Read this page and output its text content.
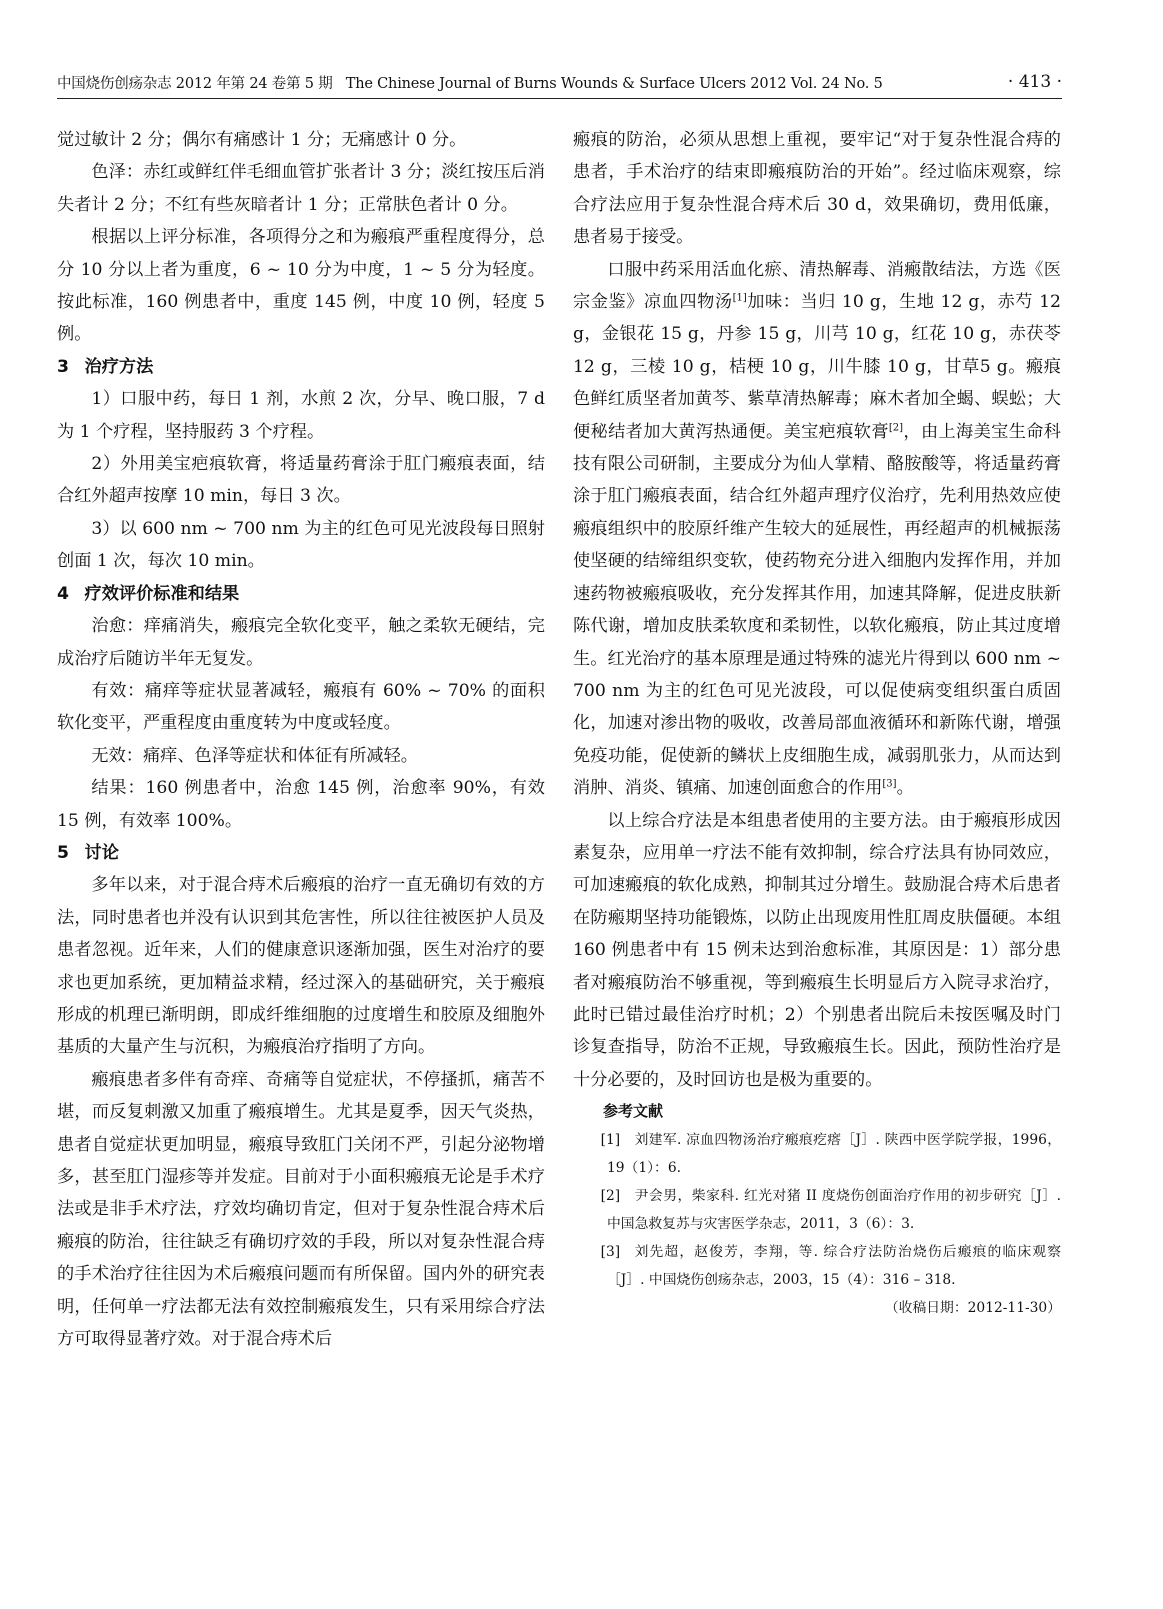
中国烧伤创疡杂志 2012 年第 24 卷第 5 期 The Chinese Journal of Burns Wounds & Surface Ulcers 2012 Vol. 24 No. 5	· 413 ·

觉过敏计 2 分；偶尔有痛感计 1 分；无痛感计 0 分。

色泽：赤红或鲜红伴毛细血管扩张者计 3 分；淡红按压后消失者计 2 分；不红有些灰暗者计 1 分；正常肤色者计 0 分。

根据以上评分标准，各项得分之和为瘢痕严重程度得分，总分 10 分以上者为重度，6 ~ 10 分为中度，1 ~ 5 分为轻度。按此标准，160 例患者中，重度 145 例，中度 10 例，轻度 5 例。

3 治疗方法

1）口服中药，每日 1 剂，水煎 2 次，分早、晚口服，7 d 为 1 个疗程，坚持服药 3 个疗程。

2）外用美宝疤痕软膏，将适量药膏涂于肛门瘢痕表面，结合红外超声按摩 10 min，每日 3 次。

3）以 600 nm ~ 700 nm 为主的红色可见光波段每日照射创面 1 次，每次 10 min。

4 疗效评价标准和结果

治愈：痒痛消失，瘢痕完全软化变平，触之柔软无硬结，完成治疗后随访半年无复发。

有效：痛痒等症状显著减轻，瘢痕有 60% ~ 70% 的面积软化变平，严重程度由重度转为中度或轻度。

无效：痛痒、色泽等症状和体征有所减轻。

结果：160 例患者中，治愈 145 例，治愈率 90%，有效 15 例，有效率 100%。

5 讨论

多年以来，对于混合痔术后瘢痕的治疗一直无确切有效的方法，同时患者也并没有认识到其危害性，所以往往被医护人员及患者忽视。近年来，人们的健康意识逐渐加强，医生对治疗的要求也更加系统，更加精益求精，经过深入的基础研究，关于瘢痕形成的机理已渐明朗，即成纤维细胞的过度增生和胶原及细胞外基质的大量产生与沉积，为瘢痕治疗指明了方向。

瘢痕患者多伴有奇痒、奇痛等自觉症状，不停搔抓，痛苦不堪，而反复刺激又加重了瘢痕增生。尤其是夏季，因天气炎热，患者自觉症状更加明显，瘢痕导致肛门关闭不严，引起分泌物增多，甚至肛门湿疹等并发症。目前对于小面积瘢痕无论是手术疗法或是非手术疗法，疗效均确切肯定，但对于复杂性混合痔术后瘢痕的防治，往往缺乏有确切疗效的手段，所以对复杂性混合痔的手术治疗往往因为术后瘢痕问题而有所保留。国内外的研究表明，任何单一疗法都无法有效控制瘢痕发生，只有采用综合疗法方可取得显著疗效。对于混合痔术后

瘢痕的防治，必须从思想上重视，要牢记“对于复杂性混合痔的患者，手术治疗的结束即瘢痕防治的开始”。经过临床观察，综合疗法应用于复杂性混合痔术后 30 d，效果确切，费用低廉，患者易于接受。

口服中药采用活血化瘀、清热解毒、消瘢散结法，方选《医宗金鉴》凉血四物汤[1]加味：当归 10 g，生地 12 g，赤芍 12 g，金银花 15 g，丹参 15 g，川芎 10 g，红花 10 g，赤茯苓 12 g，三棱 10 g，桔梗 10 g，川牛膝 10 g，甘草5 g。瘢痕色鲜红质坚者加黄芩、紫草清热解毒；麻木者加全蝎、蜈蚣；大便秘结者加大黄泻热通便。美宝疤痕软膏[2]，由上海美宝生命科技有限公司研制，主要成分为仙人掌精、酪胺酸等，将适量药膏涂于肛门瘢痕表面，结合红外超声理疗仪治疗，先利用热效应使瘢痕组织中的胶原纤维产生较大的延展性，再经超声的机械振荡使坚硬的结缔组织变软，使药物充分进入细胞内发挥作用，并加速药物被瘢痕吸收，充分发挥其作用，加速其降解，促进皮肤新陈代谢，增加皮肤柔软度和柔韧性，以软化瘢痕，防止其过度增生。红光治疗的基本原理是通过特殊的滤光片得到以 600 nm ~ 700 nm 为主的红色可见光波段，可以促使病变组织蛋白质固化，加速对渗出物的吸收，改善局部血液循环和新陈代谢，增强免疫功能，促使新的鳞状上皮细胞生成，减弱肌张力，从而达到消肿、消炎、镇痛、加速创面愈合的作用[3]。

以上综合疗法是本组患者使用的主要方法。由于瘢痕形成因素复杂，应用单一疗法不能有效抑制，综合疗法具有协同效应，可加速瘢痕的软化成熟，抑制其过分增生。鼓励混合痔术后患者在防瘢期坚持功能锻炼，以防止出现废用性肛周皮肤僵硬。本组 160 例患者中有 15 例未达到治愈标准，其原因是：1）部分患者对瘢痕防治不够重视，等到瘢痕生长明显后方入院寻求治疗，此时已错过最佳治疗时机；2）个别患者出院后未按医嘱及时门诊复查指导，防治不正规，导致瘢痕生长。因此，预防性治疗是十分必要的，及时回访也是极为重要的。

参考文献

[1]	刘建军. 凉血四物汤治疗瘢痕疙瘩［J］. 陕西中医学院学报，1996，19（1）：6.

[2]	尹会男，柴家科. 红光对猪 II 度烧伤创面治疗作用的初步研究［J］. 中国急救复苏与灾害医学杂志，2011，3（6）：3.

[3]	刘先超，赵俊芳，李翔，等. 综合疗法防治烧伤后瘢痕的临床观察［J］. 中国烧伤创疡杂志，2003，15（4）：316 – 318.

（收稿日期：2012-11-30）
